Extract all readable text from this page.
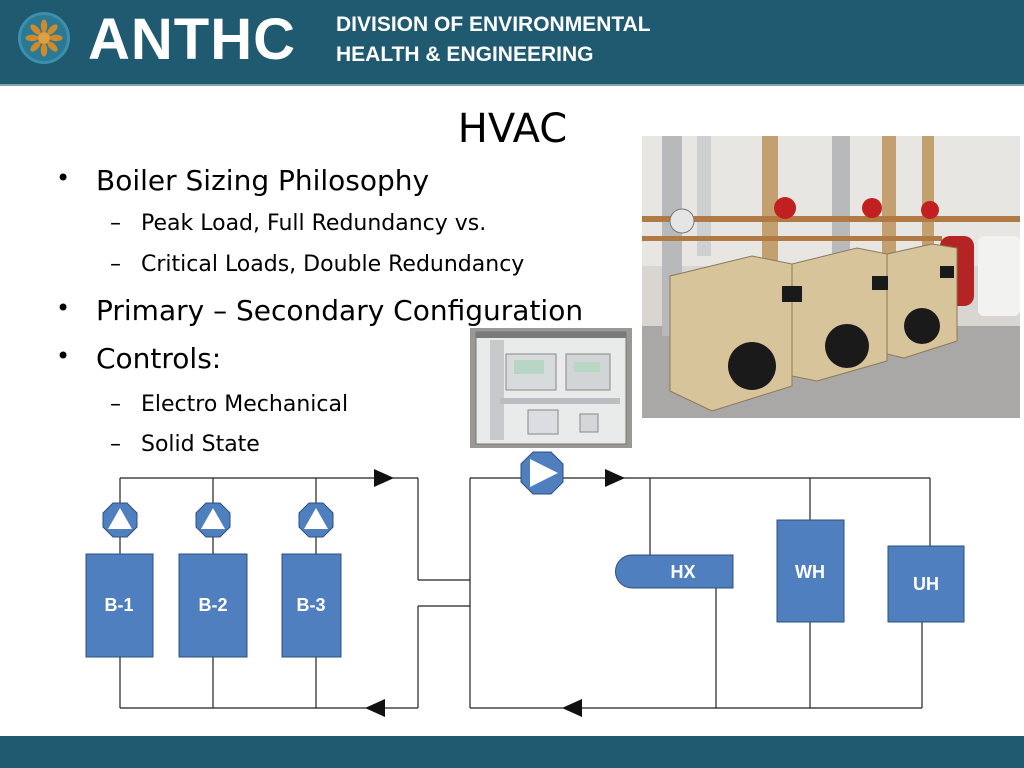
ANTHC DIVISION OF ENVIRONMENTAL
HEALTH & ENGINEERING
HVAC
• Boiler Sizing Philosophy
– Peak Load, Full Redundancy vs.
– Critical Loads, Double Redundancy
• Primary – Secondary Configuration
• Controls:
– Electro Mechanical
– Solid State
B-1	B-2	B-3
HX	WH
UH
